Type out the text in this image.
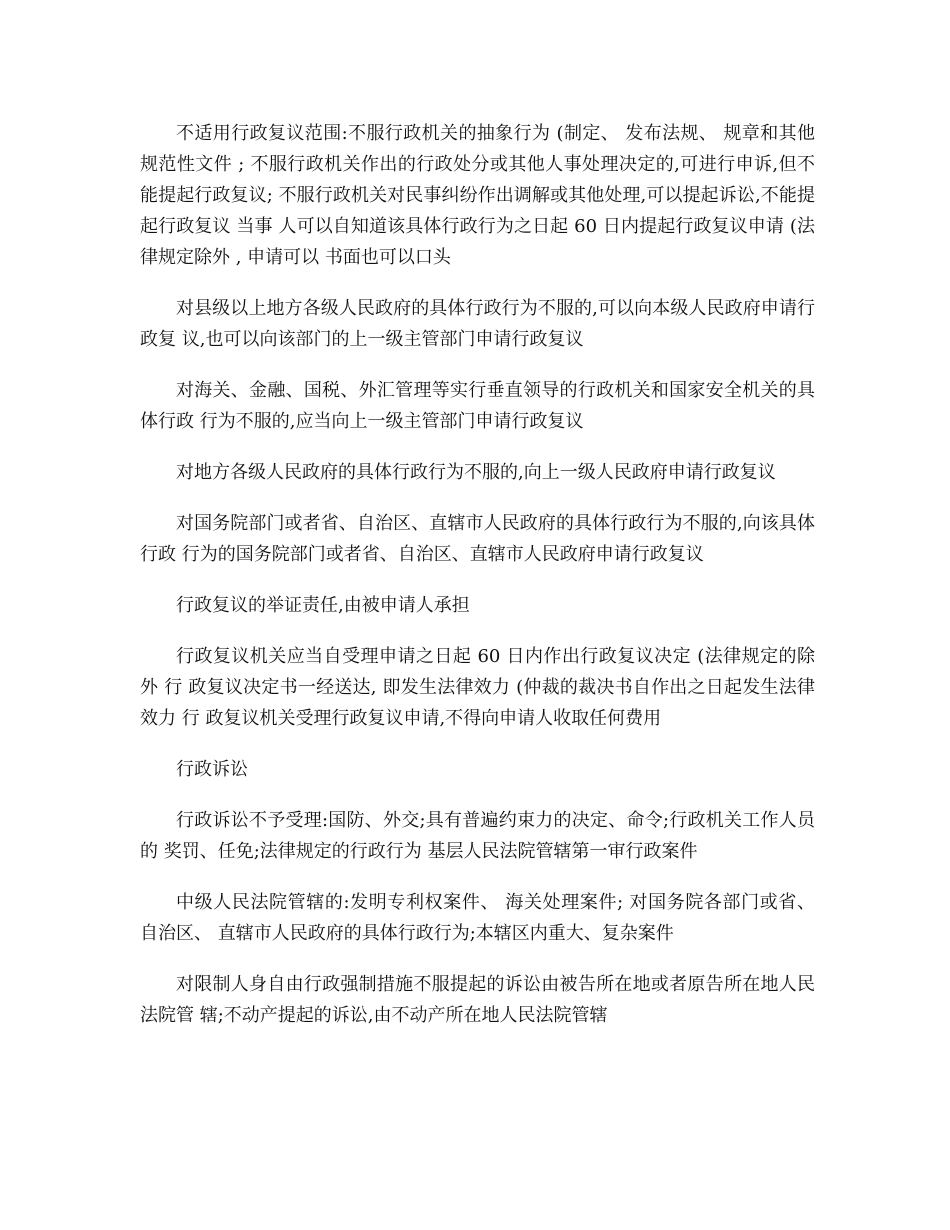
不适用行政复议范围:不服行政机关的抽象行为 (制定、 发布法规、 规章和其他规范性文件 ; 不服行政机关作出的行政处分或其他人事处理决定的,可进行申诉,但不能提起行政复议; 不服行政机关对民事纠纷作出调解或其他处理,可以提起诉讼,不能提起行政复议 当事 人可以自知道该具体行政行为之日起 60 日内提起行政复议申请 (法律规定除外 , 申请可以 书面也可以口头

对县级以上地方各级人民政府的具体行政行为不服的,可以向本级人民政府申请行政复 议,也可以向该部门的上一级主管部门申请行政复议

对海关、金融、国税、外汇管理等实行垂直领导的行政机关和国家安全机关的具体行政 行为不服的,应当向上一级主管部门申请行政复议

对地方各级人民政府的具体行政行为不服的,向上一级人民政府申请行政复议

对国务院部门或者省、自治区、直辖市人民政府的具体行政行为不服的,向该具体行政 行为的国务院部门或者省、自治区、直辖市人民政府申请行政复议

行政复议的举证责任,由被申请人承担

行政复议机关应当自受理申请之日起 60 日内作出行政复议决定 (法律规定的除外 行 政复议决定书一经送达, 即发生法律效力 (仲裁的裁决书自作出之日起发生法律效力 行 政复议机关受理行政复议申请,不得向申请人收取任何费用

行政诉讼

行政诉讼不予受理:国防、外交;具有普遍约束力的决定、命令;行政机关工作人员的 奖罚、任免;法律规定的行政行为 基层人民法院管辖第一审行政案件

中级人民法院管辖的:发明专利权案件、 海关处理案件; 对国务院各部门或省、 自治区、 直辖市人民政府的具体行政行为;本辖区内重大、复杂案件

对限制人身自由行政强制措施不服提起的诉讼由被告所在地或者原告所在地人民法院管 辖;不动产提起的诉讼,由不动产所在地人民法院管辖
